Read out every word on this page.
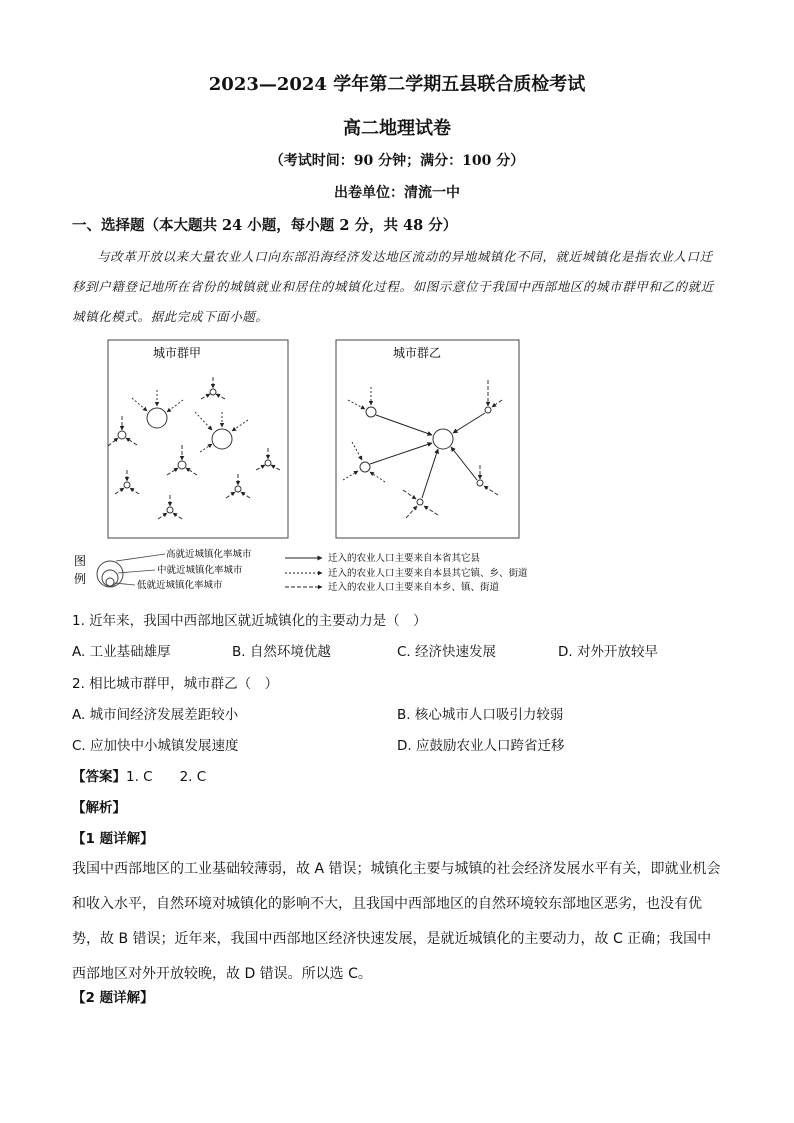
2023—2024 学年第二学期五县联合质检考试
高二地理试卷
（考试时间：90 分钟；满分：100 分）
出卷单位：清流一中
一、选择题（本大题共 24 小题，每小题 2 分，共 48 分）
与改革开放以来大量农业人口向东部沿海经济发达地区流动的异地城镇化不同，就近城镇化是指农业人口迁移到户籍登记地所在省份的城镇就业和居住的城镇化过程。如图示意位于我国中西部地区的城市群甲和乙的就近城镇化模式。据此完成下面小题。
城市群甲	城市群乙
图
例
高就近城镇化率城市
中就近城镇化率城市
低就近城镇化率城市
迁入的农业人口主要来自本省其它县
迁入的农业人口主要来自本县其它镇、乡、街道
迁入的农业人口主要来自本乡、镇、街道
1. 近年来，我国中西部地区就近城镇化的主要动力是（　）
A. 工业基础雄厚	B. 自然环境优越	C. 经济快速发展	D. 对外开放较早
2. 相比城市群甲，城市群乙（　）
A. 城市间经济发展差距较小	B. 核心城市人口吸引力较弱
C. 应加快中小城镇发展速度	D. 应鼓励农业人口跨省迁移
【答案】1. C　　2. C
【解析】
【1 题详解】
我国中西部地区的工业基础较薄弱，故 A 错误；城镇化主要与城镇的社会经济发展水平有关，即就业机会和收入水平，自然环境对城镇化的影响不大，且我国中西部地区的自然环境较东部地区恶劣，也没有优势，故 B 错误；近年来，我国中西部地区经济快速发展，是就近城镇化的主要动力，故 C 正确；我国中西部地区对外开放较晚，故 D 错误。所以选 C。
【2 题详解】
